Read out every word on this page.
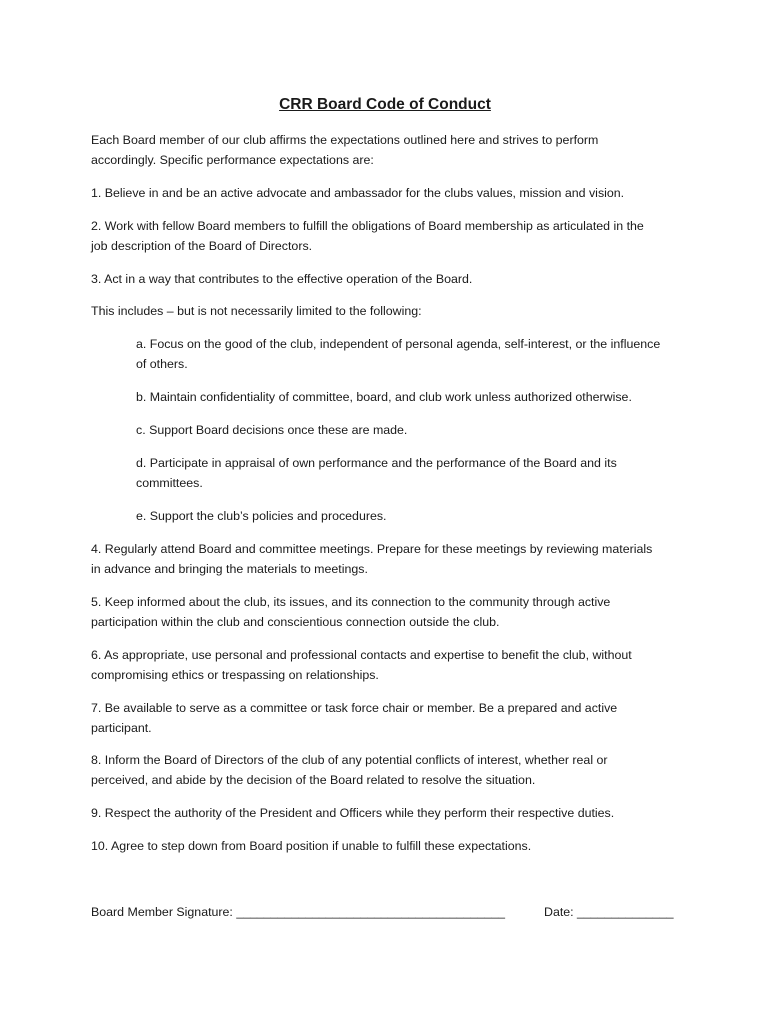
CRR Board Code of Conduct

Each Board member of our club affirms the expectations outlined here and strives to perform

accordingly. Specific performance expectations are:

1. Believe in and be an active advocate and ambassador for the clubs values, mission and vision.

2. Work with fellow Board members to fulfill the obligations of Board membership as articulated in the

job description of the Board of Directors.

3. Act in a way that contributes to the effective operation of the Board.

This includes – but is not necessarily limited to the following:

a. Focus on the good of the club, independent of personal agenda, self-interest, or the influence

of others.

b. Maintain confidentiality of committee, board, and club work unless authorized otherwise.

c. Support Board decisions once these are made.

d. Participate in appraisal of own performance and the performance of the Board and its

committees.

e. Support the club’s policies and procedures.

4. Regularly attend Board and committee meetings. Prepare for these meetings by reviewing materials

in advance and bringing the materials to meetings.

5. Keep informed about the club, its issues, and its connection to the community through active

participation within the club and conscientious connection outside the club.

6. As appropriate, use personal and professional contacts and expertise to benefit the club, without

compromising ethics or trespassing on relationships.

7. Be available to serve as a committee or task force chair or member. Be a prepared and active

participant.

8. Inform the Board of Directors of the club of any potential conflicts of interest, whether real or

perceived, and abide by the decision of the Board related to resolve the situation.

9. Respect the authority of the President and Officers while they perform their respective duties.

10. Agree to step down from Board position if unable to fulfill these expectations.

Board Member Signature: _______________________________________	Date: ______________
